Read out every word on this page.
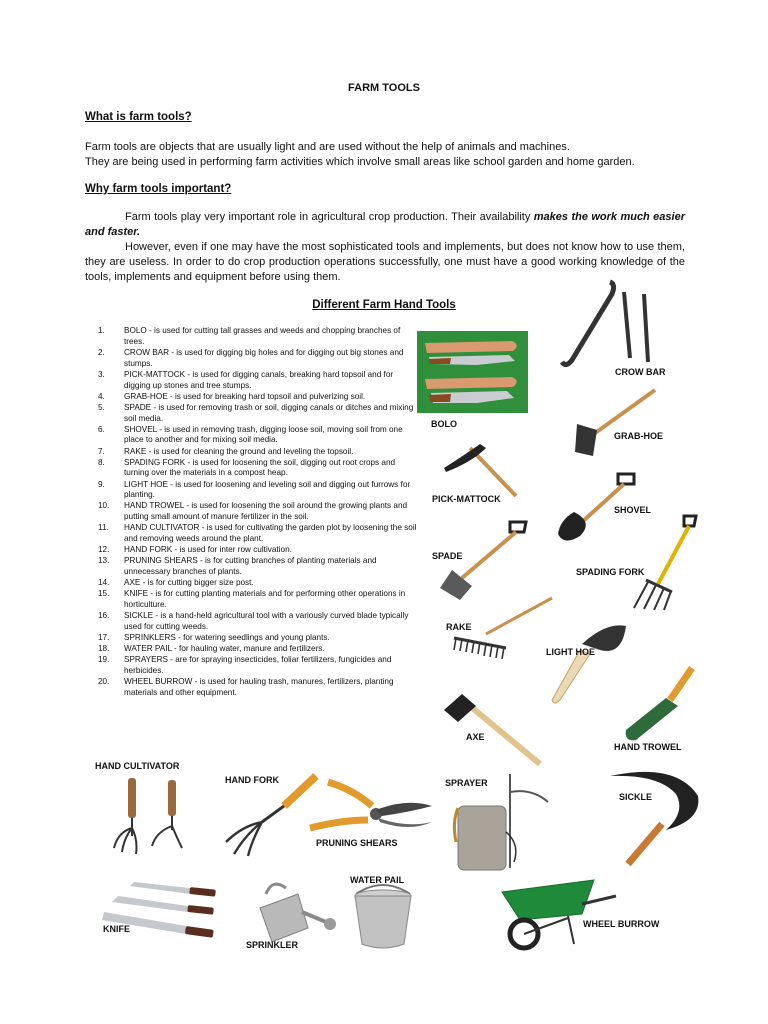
FARM TOOLS
What is farm tools?
Farm tools are objects that are usually light and are used without the help of animals and machines.
They are being used in performing farm activities which involve small areas like school garden and home garden.
Why farm tools important?
Farm tools play very important role in agricultural crop production. Their availability makes the work much easier and faster.
However, even if one may have the most sophisticated tools and implements, but does not know how to use them, they are useless. In order to do crop production operations successfully, one must have a good working knowledge of the tools, implements and equipment before using them.
Different Farm Hand Tools
1. BOLO - is used for cutting tall grasses and weeds and chopping branches of trees.
2. CROW BAR - is used for digging big holes and for digging out big stones and stumps.
3. PICK-MATTOCK - is used for digging canals, breaking hard topsoil and for digging up stones and tree stumps.
4. GRAB-HOE - is used for breaking hard topsoil and pulverizing soil.
5. SPADE - is used for removing trash or soil, digging canals or ditches and mixing soil media.
6. SHOVEL - is used in removing trash, digging loose soil, moving soil from one place to another and for mixing soil media.
7. RAKE - is used for cleaning the ground and leveling the topsoil.
8. SPADING FORK - is used for loosening the soil, digging out root crops and turning over the materials in a compost heap.
9. LIGHT HOE - is used for loosening and leveling soil and digging out furrows for planting.
10. HAND TROWEL - is used for loosening the soil around the growing plants and putting small amount of manure fertilizer in the soil.
11. HAND CULTIVATOR - is used for cultivating the garden plot by loosening the soil and removing weeds around the plant.
12. HAND FORK - is used for inter row cultivation.
13. PRUNING SHEARS - is for cutting branches of planting materials and unnecessary branches of plants.
14. AXE - is for cutting bigger size post.
15. KNIFE - is for cutting planting materials and for performing other operations in horticulture.
16. SICKLE - is a hand-held agricultural tool with a variously curved blade typically used for cutting weeds.
17. SPRINKLERS - for watering seedlings and young plants.
18. WATER PAIL - for hauling water, manure and fertilizers.
19. SPRAYERS - are for spraying insecticides, foliar fertilizers, fungicides and herbicides.
20. WHEEL BURROW - is used for hauling trash, manures, fertilizers, planting materials and other equipment.
BOLO
CROW BAR
GRAB-HOE
PICK-MATTOCK
SHOVEL
SPADE
SPADING FORK
RAKE
LIGHT HOE
AXE
HAND TROWEL
HAND CULTIVATOR
HAND FORK
PRUNING SHEARS
SPRAYER
SICKLE
KNIFE
SPRINKLER
WATER PAIL
WHEEL BURROW
